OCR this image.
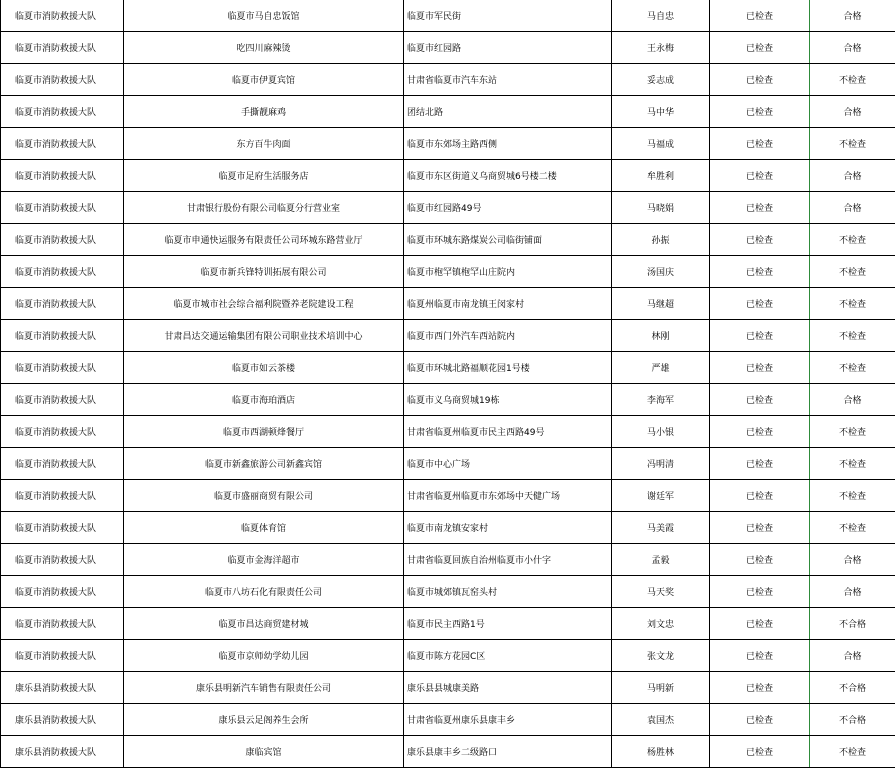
临夏市消防救援大队	临夏市马自忠饭馆	临夏市军民街	马自忠	已检查	合格
临夏市消防救援大队	吃四川麻辣烫	临夏市红园路	王永梅	已检查	合格
临夏市消防救援大队	临夏市伊夏宾馆	甘肃省临夏市汽车东站	妥志成	已检查	不检查
临夏市消防救援大队	手撕靓麻鸡	团结北路	马中华	已检查	合格
临夏市消防救援大队	东方百牛肉面	临夏市东郊场主路西侧	马福成	已检查	不检查
临夏市消防救援大队	临夏市足府生活服务店	临夏市东区街道义乌商贸城6号楼二楼	牟胜利	已检查	合格
临夏市消防救援大队	甘肃银行股份有限公司临夏分行营业室	临夏市红园路49号	马晓娟	已检查	合格
临夏市消防救援大队	临夏市申通快运服务有限责任公司环城东路营业厅	临夏市环城东路煤炭公司临街铺面	孙振	已检查	不检查
临夏市消防救援大队	临夏市新兵锋特训拓展有限公司	临夏市枹罕镇枹罕山庄院内	汤国庆	已检查	不检查
临夏市消防救援大队	临夏市城市社会综合福利院暨养老院建设工程	临夏州临夏市南龙镇王闵家村	马继超	已检查	不检查
临夏市消防救援大队	甘肃昌达交通运输集团有限公司职业技术培训中心	临夏市西门外汽车西站院内	林刚	已检查	不检查
临夏市消防救援大队	临夏市如云茶楼	临夏市环城北路福顺花园1号楼	严雄	已检查	不检查
临夏市消防救援大队	临夏市海珀酒店	临夏市义乌商贸城19栋	李海军	已检查	合格
临夏市消防救援大队	临夏市西湖顿烽餐厅	甘肃省临夏州临夏市民主西路49号	马小银	已检查	不检查
临夏市消防救援大队	临夏市新鑫旅游公司新鑫宾馆	临夏市中心广场	冯明清	已检查	不检查
临夏市消防救援大队	临夏市盛丽商贸有限公司	甘肃省临夏州临夏市东郊场中天健广场	谢廷军	已检查	不检查
临夏市消防救援大队	临夏体育馆	临夏市南龙镇安家村	马美霞	已检查	不检查
临夏市消防救援大队	临夏市金海洋超市	甘肃省临夏回族自治州临夏市小什字	孟毅	已检查	合格
临夏市消防救援大队	临夏市八坊石化有限责任公司	临夏市城郊镇瓦窑头村	马天奖	已检查	合格
临夏市消防救援大队	临夏市昌达商贸建材城	临夏市民主西路1号	刘文忠	已检查	不合格
临夏市消防救援大队	临夏市京师幼学幼儿园	临夏市陈方花园C区	张文龙	已检查	合格
康乐县消防救援大队	康乐县明新汽车销售有限责任公司	康乐县县城康美路	马明新	已检查	不合格
康乐县消防救援大队	康乐县云足阁养生会所	甘肃省临夏州康乐县康丰乡	袁国杰	已检查	不合格
康乐县消防救援大队	康临宾馆	康乐县康丰乡二级路口	杨胜林	已检查	不检查
